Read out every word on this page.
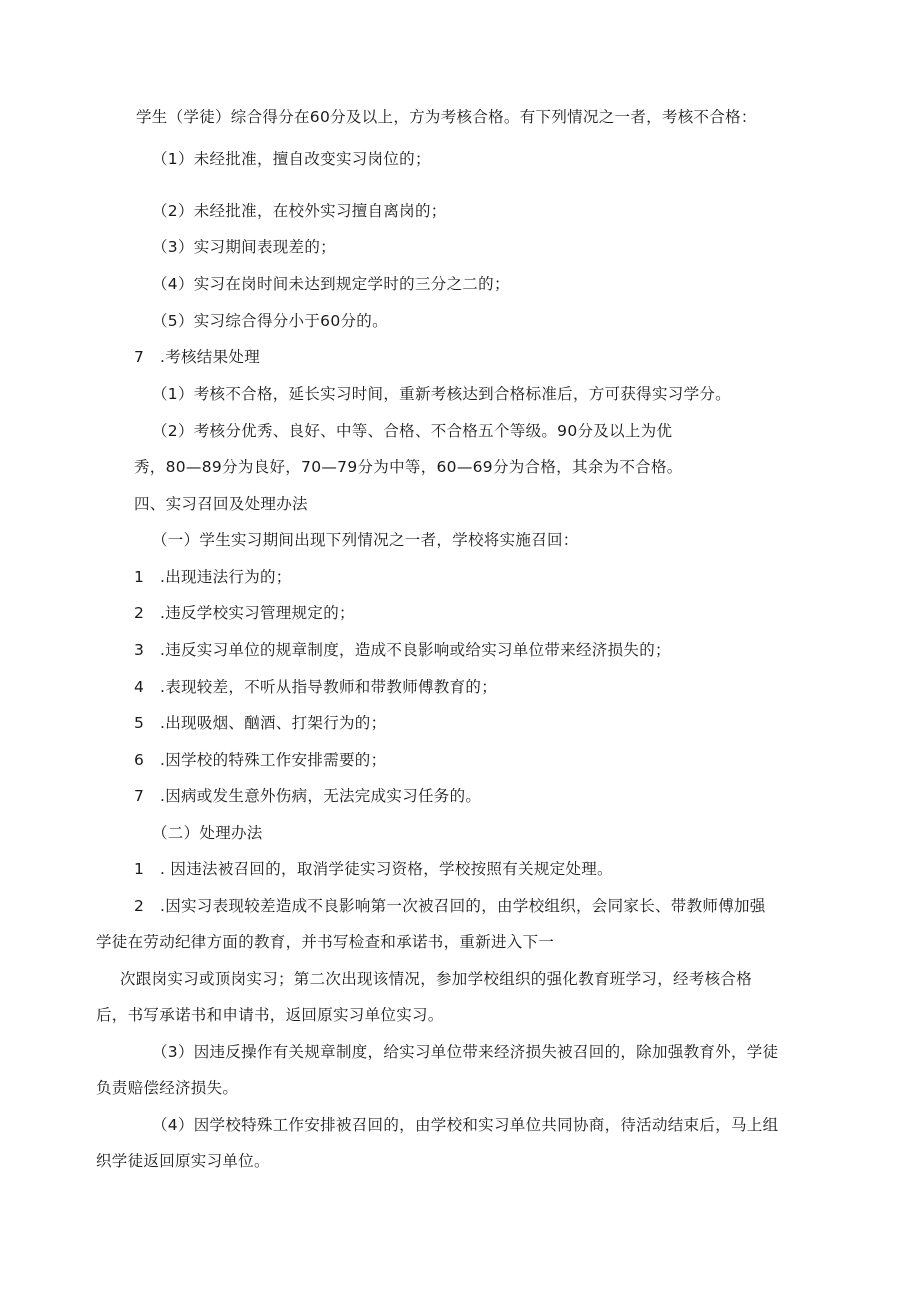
学生（学徒）综合得分在60分及以上，方为考核合格。有下列情况之一者，考核不合格：
（1）未经批准，擅自改变实习岗位的；
（2）未经批准，在校外实习擅自离岗的；
（3）实习期间表现差的；
（4）实习在岗时间未达到规定学时的三分之二的；
（5）实习综合得分小于60分的。
7　.考核结果处理
（1）考核不合格，延长实习时间，重新考核达到合格标准后，方可获得实习学分。
（2）考核分优秀、良好、中等、合格、不合格五个等级。90分及以上为优
秀，80—89分为良好，70—79分为中等，60—69分为合格，其余为不合格。
四、实习召回及处理办法
（一）学生实习期间出现下列情况之一者，学校将实施召回：
1　.出现违法行为的；
2　.违反学校实习管理规定的；
3　.违反实习单位的规章制度，造成不良影响或给实习单位带来经济损失的；
4　.表现较差，不听从指导教师和带教师傅教育的；
5　.出现吸烟、酗酒、打架行为的；
6　.因学校的特殊工作安排需要的；
7　.因病或发生意外伤病，无法完成实习任务的。
（二）处理办法
1　. 因违法被召回的，取消学徒实习资格，学校按照有关规定处理。
2　.因实习表现较差造成不良影响第一次被召回的，由学校组织，会同家长、带教师傅加强
学徒在劳动纪律方面的教育，并书写检查和承诺书，重新进入下一
次跟岗实习或顶岗实习；第二次出现该情况，参加学校组织的强化教育班学习，经考核合格
后，书写承诺书和申请书，返回原实习单位实习。
（3）因违反操作有关规章制度，给实习单位带来经济损失被召回的，除加强教育外，学徒
负责赔偿经济损失。
（4）因学校特殊工作安排被召回的，由学校和实习单位共同协商，待活动结束后，马上组
织学徒返回原实习单位。
